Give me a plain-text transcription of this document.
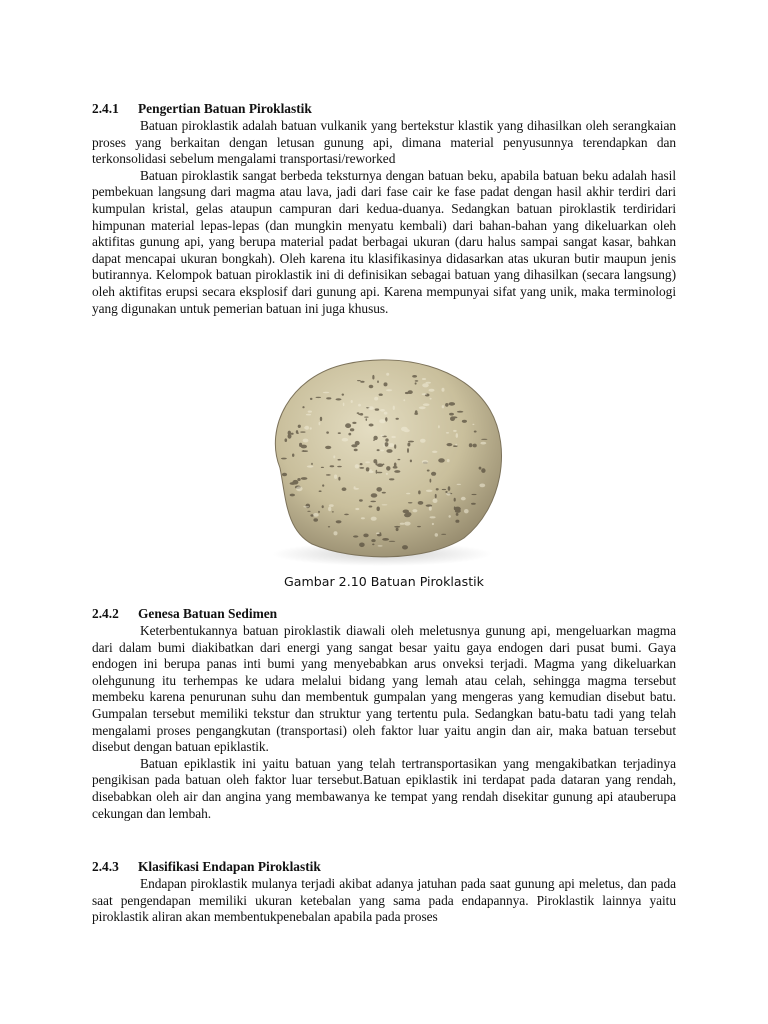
2.4.1 Pengertian Batuan Piroklastik

Batuan piroklastik adalah batuan vulkanik yang bertekstur klastik yang dihasilkan oleh serangkaian proses yang berkaitan dengan letusan gunung api, dimana material penyusunnya terendapkan dan terkonsolidasi sebelum mengalami transportasi/reworked

Batuan piroklastik sangat berbeda teksturnya dengan batuan beku, apabila batuan beku adalah hasil pembekuan langsung dari magma atau lava, jadi dari fase cair ke fase padat dengan hasil akhir terdiri dari kumpulan kristal, gelas ataupun campuran dari kedua-duanya. Sedangkan batuan piroklastik terdiridari himpunan material lepas-lepas (dan mungkin menyatu kembali) dari bahan-bahan yang dikeluarkan oleh aktifitas gunung api, yang berupa material padat berbagai ukuran (daru halus sampai sangat kasar, bahkan dapat mencapai ukuran bongkah). Oleh karena itu klasifikasinya didasarkan atas ukuran butir maupun jenis butirannya. Kelompok batuan piroklastik ini di definisikan sebagai batuan yang dihasilkan (secara langsung) oleh aktifitas erupsi secara eksplosif dari gunung api. Karena mempunyai sifat yang unik, maka terminologi yang digunakan untuk pemerian batuan ini juga khusus.

Gambar 2.10 Batuan Piroklastik
2.4.2 Genesa Batuan Sedimen

Keterbentukannya batuan piroklastik diawali oleh meletusnya gunung api, mengeluarkan magma dari dalam bumi diakibatkan dari energi yang sangat besar yaitu gaya endogen dari pusat bumi. Gaya endogen ini berupa panas inti bumi yang menyebabkan arus onveksi terjadi. Magma yang dikeluarkan olehgunung itu terhempas ke udara melalui bidang yang lemah atau celah, sehingga magma tersebut membeku karena penurunan suhu dan membentuk gumpalan yang mengeras yang kemudian disebut batu. Gumpalan tersebut memiliki tekstur dan struktur yang tertentu pula. Sedangkan batu-batu tadi yang telah mengalami proses pengangkutan (transportasi) oleh faktor luar yaitu angin dan air, maka batuan tersebut disebut dengan batuan epiklastik.

Batuan epiklastik ini yaitu batuan yang telah tertransportasikan yang mengakibatkan terjadinya pengikisan pada batuan oleh faktor luar tersebut.Batuan epiklastik ini terdapat pada dataran yang rendah, disebabkan oleh air dan angina yang membawanya ke tempat yang rendah disekitar gunung api atauberupa cekungan dan lembah.

2.4.3 Klasifikasi Endapan Piroklastik

Endapan piroklastik mulanya terjadi akibat adanya jatuhan pada saat gunung api meletus, dan pada saat pengendapan memiliki ukuran ketebalan yang sama pada endapannya. Piroklastik lainnya yaitu piroklastik aliran akan membentukpenebalan apabila pada proses
